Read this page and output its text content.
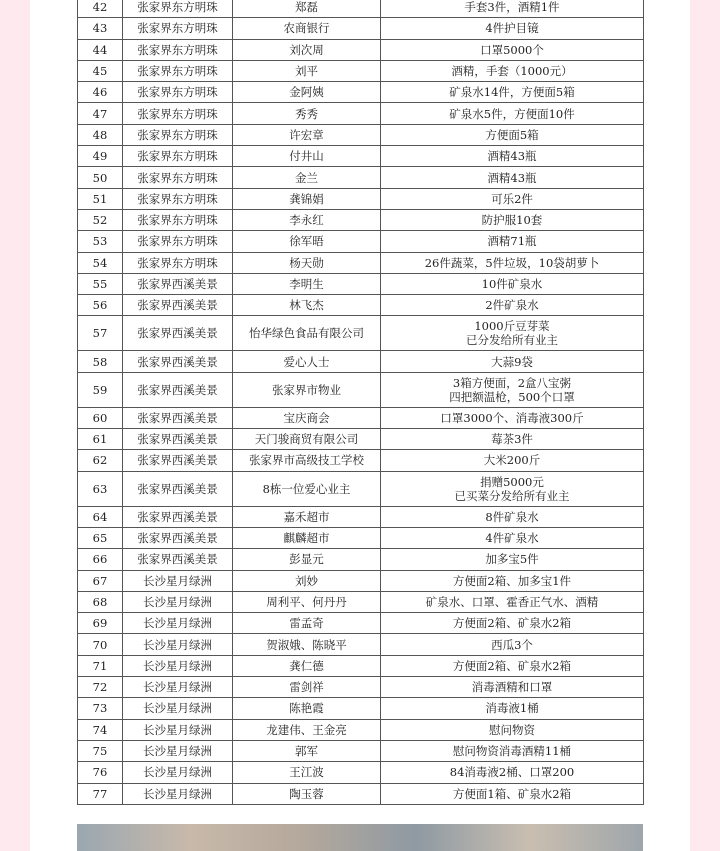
42	张家界东方明珠	郑磊	手套3件，酒精1件

43	张家界东方明珠	农商银行	4件护目镜

44	张家界东方明珠	刘次周	口罩5000个

45	张家界东方明珠	刘平	酒精，手套（1000元）

46	张家界东方明珠	金阿姨	矿泉水14件，方便面5箱

47	张家界东方明珠	秀秀	矿泉水5件，方便面10件

48	张家界东方明珠	许宏章	方便面5箱

49	张家界东方明珠	付井山	酒精43瓶

50	张家界东方明珠	金兰	酒精43瓶

51	张家界东方明珠	龚锦娟	可乐2件

52	张家界东方明珠	李永红	防护服10套

53	张家界东方明珠	徐军晤	酒精71瓶

54	张家界东方明珠	杨天勋	26件蔬菜，5件垃圾，10袋胡萝卜

55	张家界西溪美景	李明生	10件矿泉水

56	张家界西溪美景	林飞杰	2件矿泉水

57	张家界西溪美景	怡华绿色食品有限公司	1000斤豆芽菜
已分发给所有业主

58	张家界西溪美景	爱心人士	大蒜9袋

59	张家界西溪美景	张家界市物业	3箱方便面，2盒八宝粥
四把额温枪，500个口罩

60	张家界西溪美景	宝庆商会	口罩3000个、消毒液300斤

61	张家界西溪美景	天门骏商贸有限公司	莓茶3件

62	张家界西溪美景	张家界市高级技工学校	大米200斤

63	张家界西溪美景	8栋一位爱心业主	捐赠5000元
已买菜分发给所有业主

64	张家界西溪美景	嘉禾超市	8件矿泉水

65	张家界西溪美景	麒麟超市	4件矿泉水

66	张家界西溪美景	彭显元	加多宝5件

67	长沙星月绿洲	刘妙	方便面2箱、加多宝1件

68	长沙星月绿洲	周利平、何丹丹	矿泉水、口罩、霍香正气水、酒精

69	长沙星月绿洲	雷孟奇	方便面2箱、矿泉水2箱

70	长沙星月绿洲	贺淑娥、陈晓平	西瓜3个

71	长沙星月绿洲	龚仁德	方便面2箱、矿泉水2箱

72	长沙星月绿洲	雷剑祥	消毒酒精和口罩

73	长沙星月绿洲	陈艳霞	消毒液1桶

74	长沙星月绿洲	龙建伟、王金亮	慰问物资

75	长沙星月绿洲	郭军	慰问物资消毒酒精11桶

76	长沙星月绿洲	王江波	84消毒液2桶、口罩200

77	长沙星月绿洲	陶玉蓉	方便面1箱、矿泉水2箱
